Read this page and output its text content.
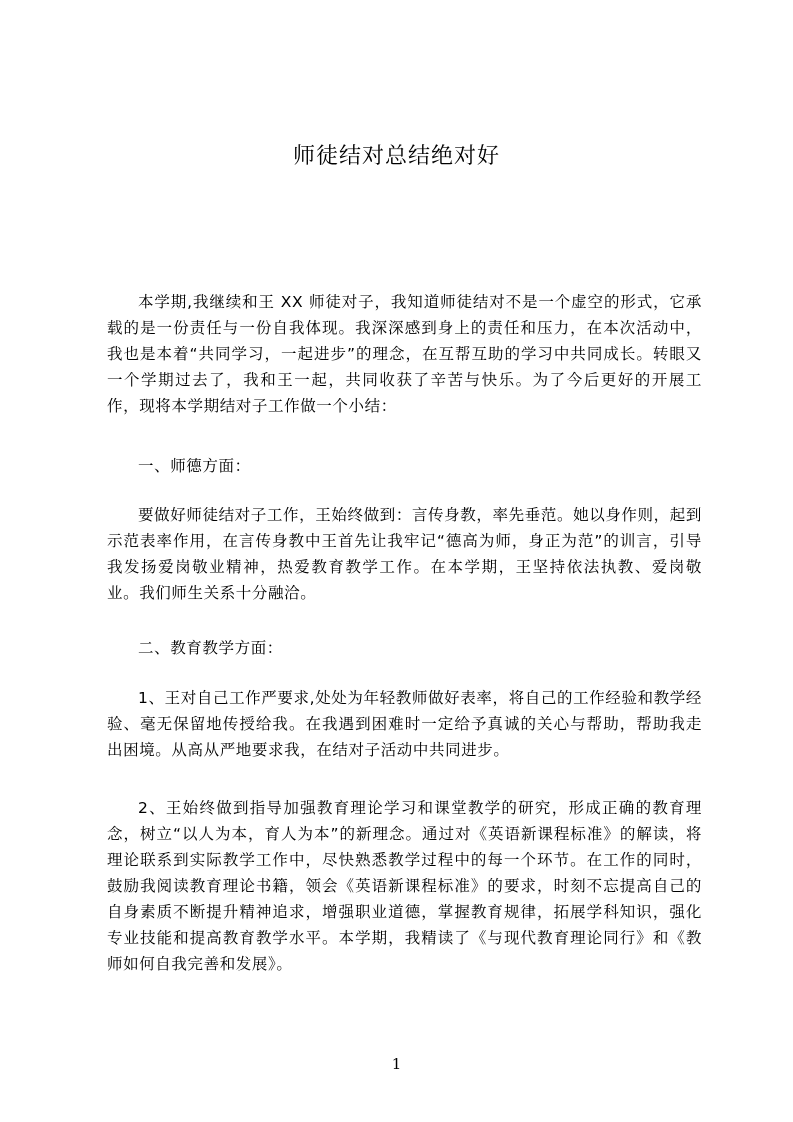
师徒结对总结绝对好

本学期,我继续和王 XX 师徒对子，我知道师徒结对不是一个虚空的形式，它承载的是一份责任与一份自我体现。我深深感到身上的责任和压力，在本次活动中，我也是本着“共同学习，一起进步”的理念，在互帮互助的学习中共同成长。转眼又一个学期过去了，我和王一起，共同收获了辛苦与快乐。为了今后更好的开展工作，现将本学期结对子工作做一个小结：

一、师德方面：

要做好师徒结对子工作，王始终做到：言传身教，率先垂范。她以身作则，起到示范表率作用，在言传身教中王首先让我牢记“德高为师，身正为范”的训言，引导我发扬爱岗敬业精神，热爱教育教学工作。在本学期，王坚持依法执教、爱岗敬业。我们师生关系十分融洽。

二、教育教学方面：

1、王对自己工作严要求,处处为年轻教师做好表率，将自己的工作经验和教学经验、毫无保留地传授给我。在我遇到困难时一定给予真诚的关心与帮助，帮助我走出困境。从高从严地要求我，在结对子活动中共同进步。

2、王始终做到指导加强教育理论学习和课堂教学的研究，形成正确的教育理念，树立“以人为本，育人为本”的新理念。通过对《英语新课程标准》的解读，将理论联系到实际教学工作中，尽快熟悉教学过程中的每一个环节。在工作的同时，鼓励我阅读教育理论书籍，领会《英语新课程标准》的要求，时刻不忘提高自己的自身素质不断提升精神追求，增强职业道德，掌握教育规律，拓展学科知识，强化专业技能和提高教育教学水平。本学期，我精读了《与现代教育理论同行》和《教师如何自我完善和发展》。

1
